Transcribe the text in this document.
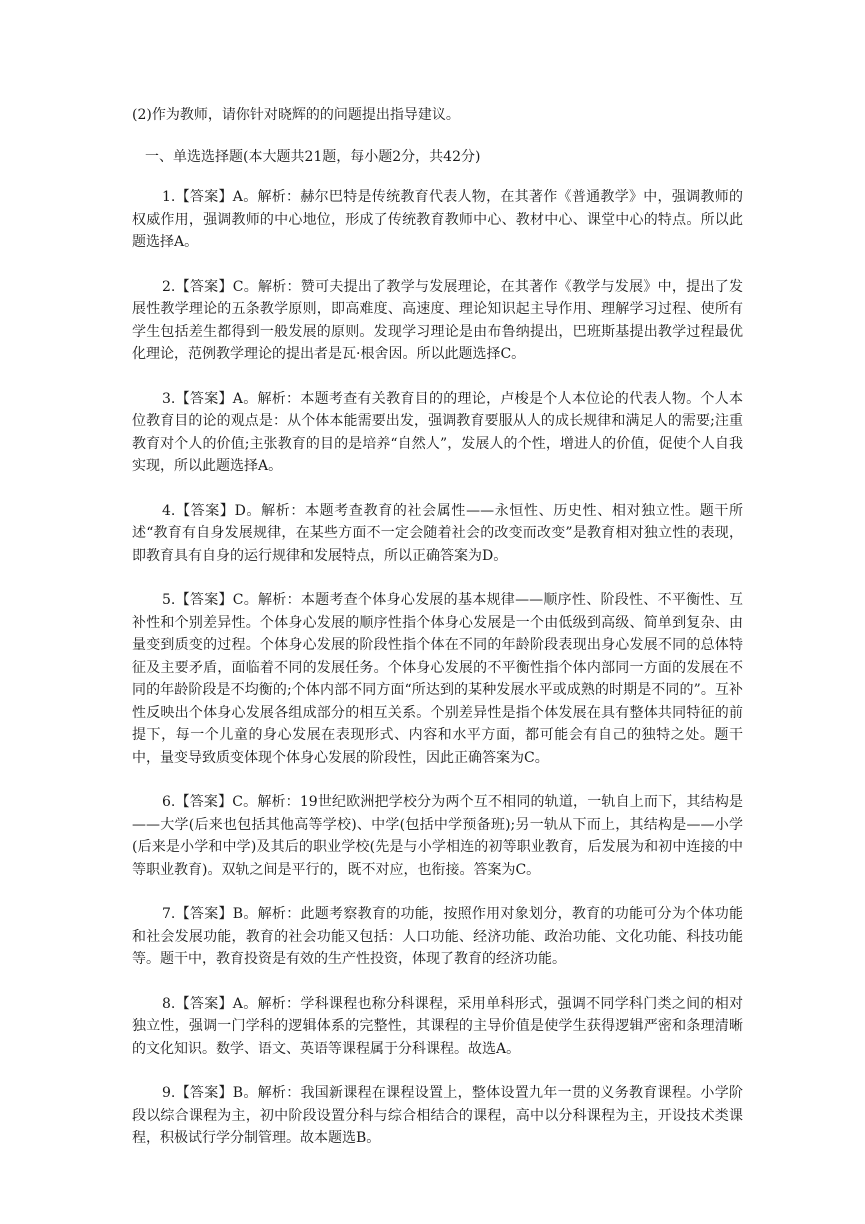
(2)作为教师，请你针对晓辉的的问题提出指导建议。

一、单选选择题(本大题共21题，每小题2分，共42分)

1.【答案】A。解析：赫尔巴特是传统教育代表人物，在其著作《普通教学》中，强调教师的权威作用，强调教师的中心地位，形成了传统教育教师中心、教材中心、课堂中心的特点。所以此题选择A。

2.【答案】C。解析：赞可夫提出了教学与发展理论，在其著作《教学与发展》中，提出了发展性教学理论的五条教学原则，即高难度、高速度、理论知识起主导作用、理解学习过程、使所有学生包括差生都得到一般发展的原则。发现学习理论是由布鲁纳提出，巴班斯基提出教学过程最优化理论，范例教学理论的提出者是瓦·根舍因。所以此题选择C。

3.【答案】A。解析：本题考查有关教育目的的理论，卢梭是个人本位论的代表人物。个人本位教育目的论的观点是：从个体本能需要出发，强调教育要服从人的成长规律和满足人的需要;注重教育对个人的价值;主张教育的目的是培养“自然人”，发展人的个性，增进人的价值，促使个人自我实现，所以此题选择A。

4.【答案】D。解析：本题考查教育的社会属性——永恒性、历史性、相对独立性。题干所述“教育有自身发展规律，在某些方面不一定会随着社会的改变而改变”是教育相对独立性的表现，即教育具有自身的运行规律和发展特点，所以正确答案为D。

5.【答案】C。解析：本题考查个体身心发展的基本规律——顺序性、阶段性、不平衡性、互补性和个别差异性。个体身心发展的顺序性指个体身心发展是一个由低级到高级、简单到复杂、由量变到质变的过程。个体身心发展的阶段性指个体在不同的年龄阶段表现出身心发展不同的总体特征及主要矛盾，面临着不同的发展任务。个体身心发展的不平衡性指个体内部同一方面的发展在不同的年龄阶段是不均衡的;个体内部不同方面“所达到的某种发展水平或成熟的时期是不同的”。互补性反映出个体身心发展各组成部分的相互关系。个别差异性是指个体发展在具有整体共同特征的前提下，每一个儿童的身心发展在表现形式、内容和水平方面，都可能会有自己的独特之处。题干中，量变导致质变体现个体身心发展的阶段性，因此正确答案为C。

6.【答案】C。解析：19世纪欧洲把学校分为两个互不相同的轨道，一轨自上而下，其结构是——大学(后来也包括其他高等学校)、中学(包括中学预备班);另一轨从下而上，其结构是——小学(后来是小学和中学)及其后的职业学校(先是与小学相连的初等职业教育，后发展为和初中连接的中等职业教育)。双轨之间是平行的，既不对应，也衔接。答案为C。

7.【答案】B。解析：此题考察教育的功能，按照作用对象划分，教育的功能可分为个体功能和社会发展功能，教育的社会功能又包括：人口功能、经济功能、政治功能、文化功能、科技功能等。题干中，教育投资是有效的生产性投资，体现了教育的经济功能。

8.【答案】A。解析：学科课程也称分科课程，采用单科形式，强调不同学科门类之间的相对独立性，强调一门学科的逻辑体系的完整性，其课程的主导价值是使学生获得逻辑严密和条理清晰的文化知识。数学、语文、英语等课程属于分科课程。故选A。

9.【答案】B。解析：我国新课程在课程设置上，整体设置九年一贯的义务教育课程。小学阶段以综合课程为主，初中阶段设置分科与综合相结合的课程，高中以分科课程为主，开设技术类课程，积极试行学分制管理。故本题选B。
